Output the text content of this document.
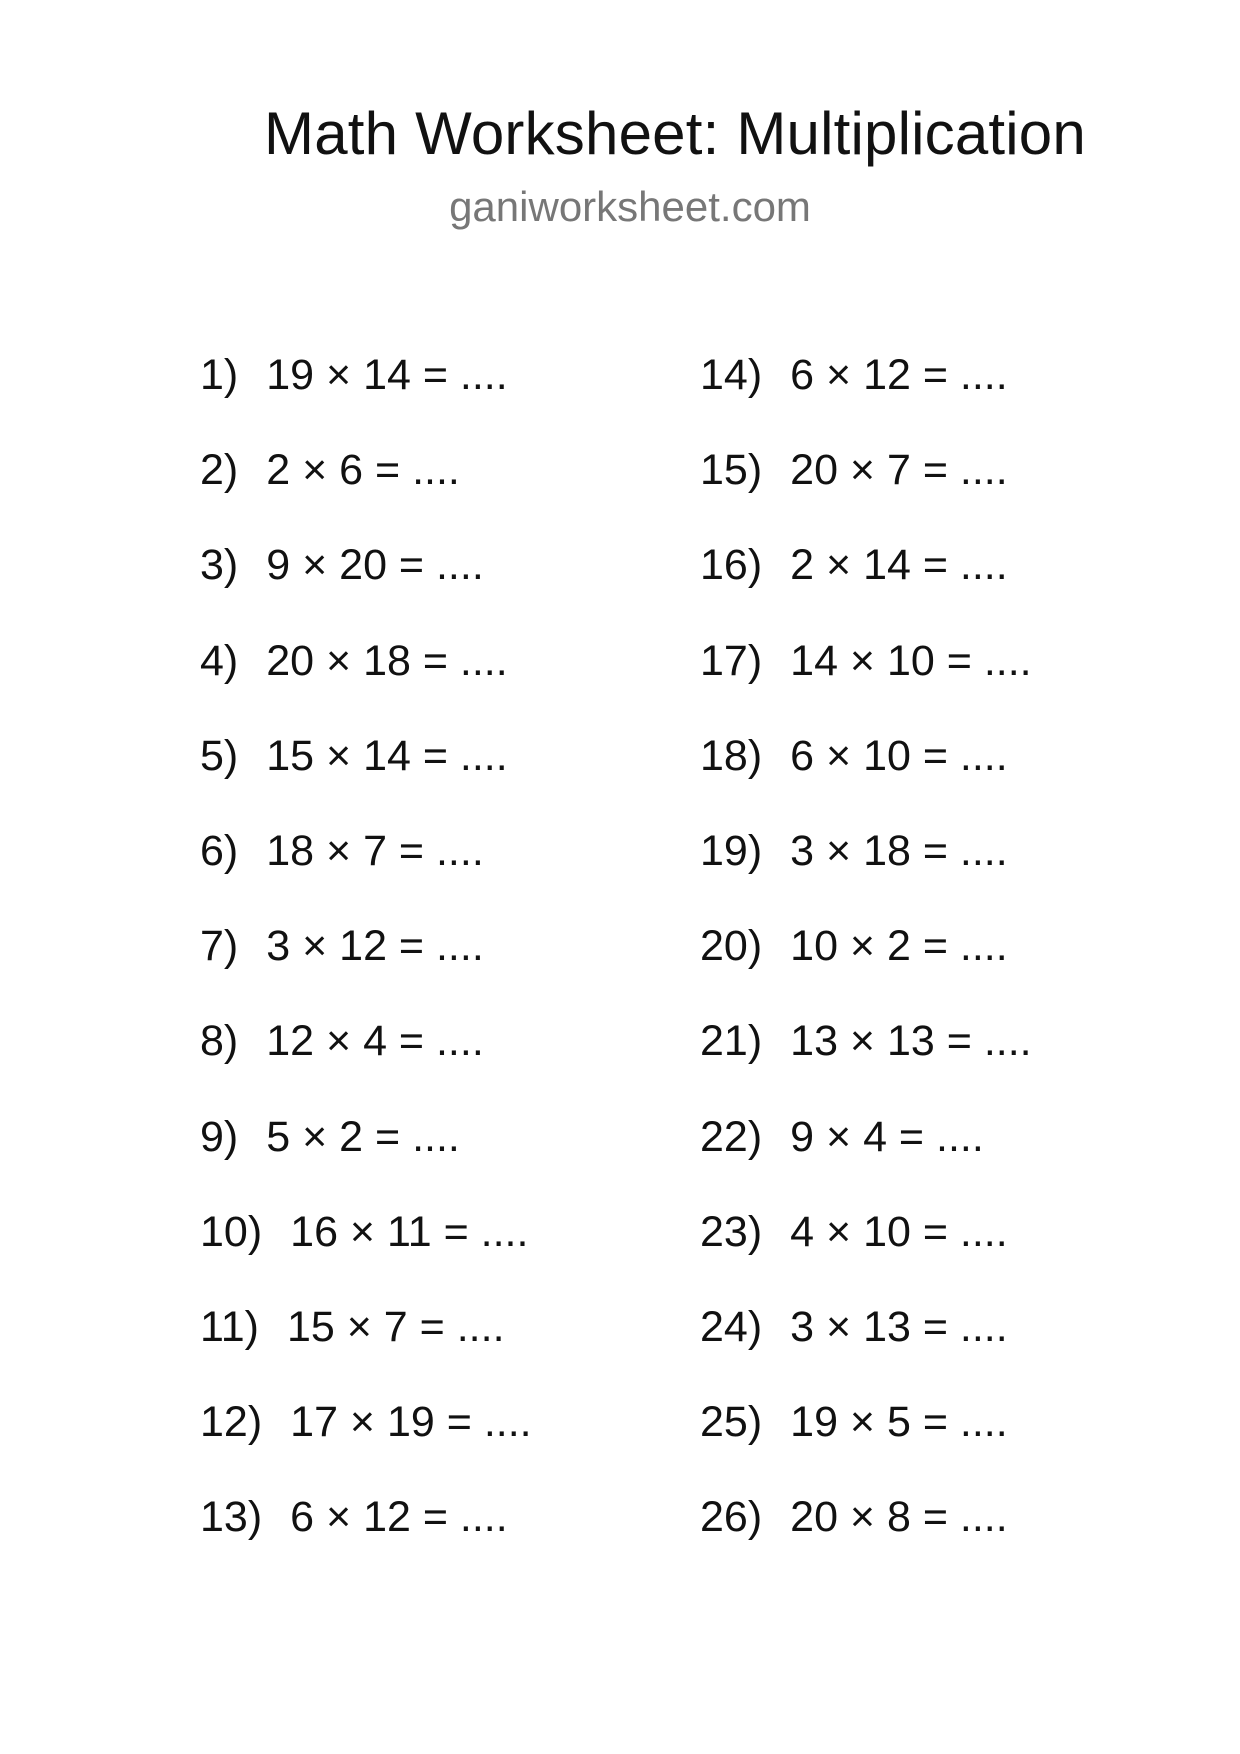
Math Worksheet: Multiplication
ganiworksheet.com
1) 19 × 14 = ....
2) 2 × 6 = ....
3) 9 × 20 = ....
4) 20 × 18 = ....
5) 15 × 14 = ....
6) 18 × 7 = ....
7) 3 × 12 = ....
8) 12 × 4 = ....
9) 5 × 2 = ....
10) 16 × 11 = ....
11) 15 × 7 = ....
12) 17 × 19 = ....
13) 6 × 12 = ....
14) 6 × 12 = ....
15) 20 × 7 = ....
16) 2 × 14 = ....
17) 14 × 10 = ....
18) 6 × 10 = ....
19) 3 × 18 = ....
20) 10 × 2 = ....
21) 13 × 13 = ....
22) 9 × 4 = ....
23) 4 × 10 = ....
24) 3 × 13 = ....
25) 19 × 5 = ....
26) 20 × 8 = ....
